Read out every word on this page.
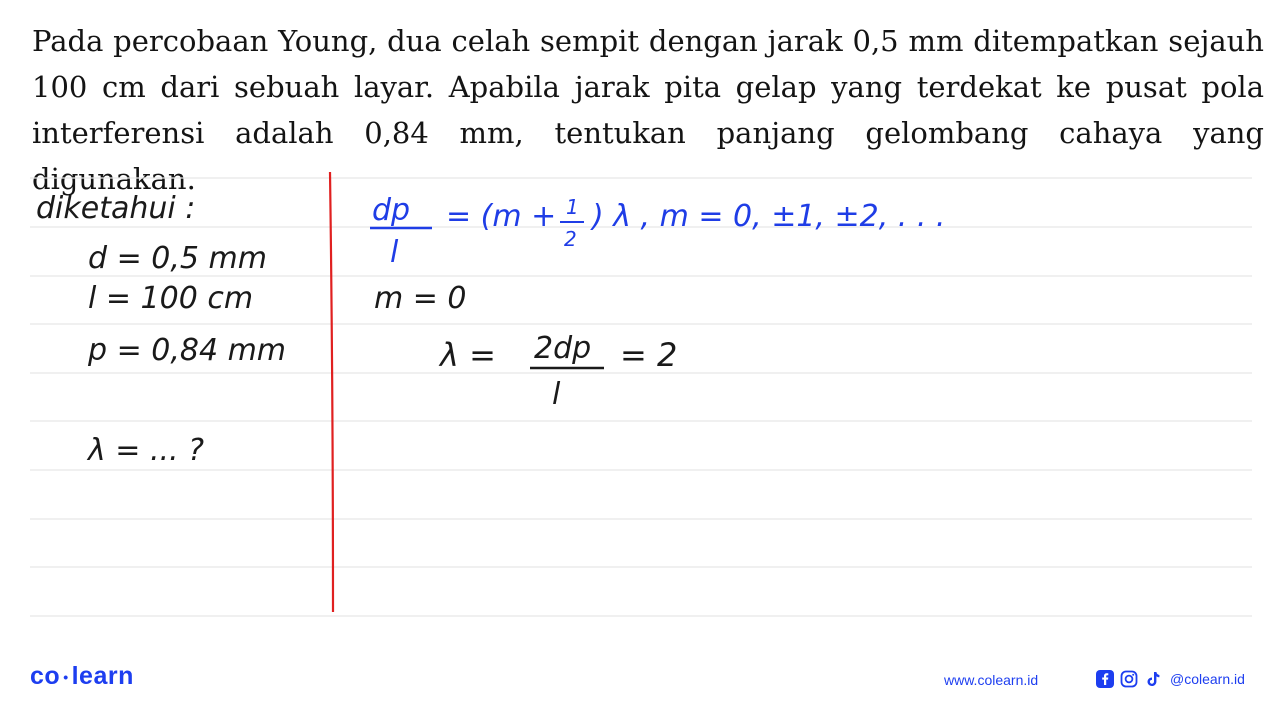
Pada percobaan Young, dua celah sempit dengan jarak 0,5 mm ditempatkan sejauh 100 cm dari sebuah layar. Apabila jarak pita gelap yang terdekat ke pusat pola interferensi adalah 0,84 mm, tentukan panjang gelombang cahaya yang digunakan.

diketahui :
d = 0,5 mm
l = 100 cm
p = 0,84 mm
λ = ... ?
dp
l
= (m + 1
2
) λ , m = 0, ±1, ±2, . . .
m = 0
λ = 2dp
l
= 2
co • learn	www.colearn.id	@colearn.id
